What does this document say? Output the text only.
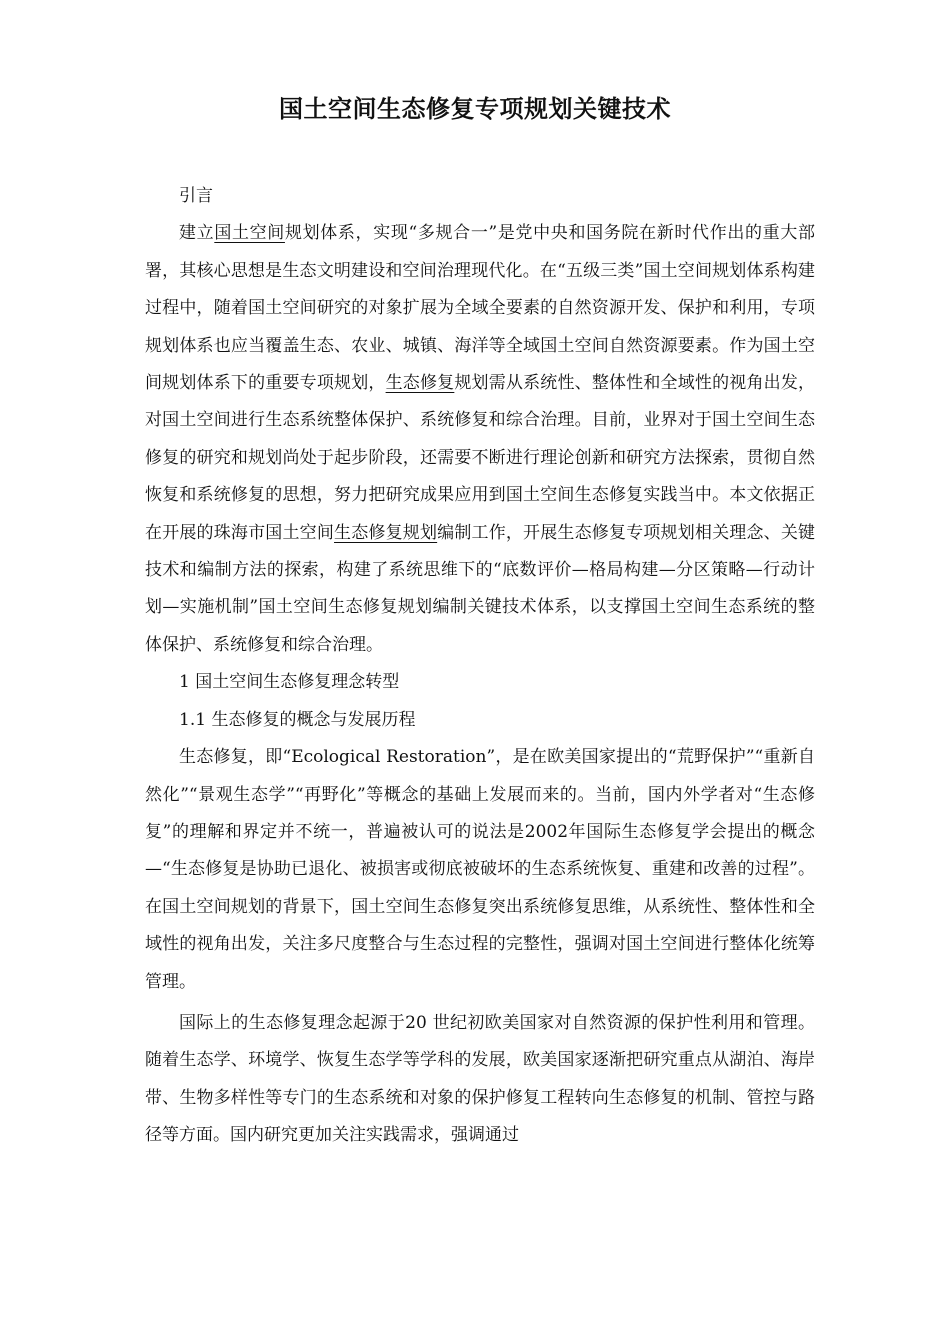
国土空间生态修复专项规划关键技术

引言

建立国土空间规划体系，实现“多规合一”是党中央和国务院在新时代作出的重大部署，其核心思想是生态文明建设和空间治理现代化。在“五级三类”国土空间规划体系构建过程中，随着国土空间研究的对象扩展为全域全要素的自然资源开发、保护和利用，专项规划体系也应当覆盖生态、农业、城镇、海洋等全域国土空间自然资源要素。作为国土空间规划体系下的重要专项规划，生态修复规划需从系统性、整体性和全域性的视角出发，对国土空间进行生态系统整体保护、系统修复和综合治理。目前，业界对于国土空间生态修复的研究和规划尚处于起步阶段，还需要不断进行理论创新和研究方法探索，贯彻自然恢复和系统修复的思想，努力把研究成果应用到国土空间生态修复实践当中。本文依据正在开展的珠海市国土空间生态修复规划编制工作，开展生态修复专项规划相关理念、关键技术和编制方法的探索，构建了系统思维下的“底数评价—格局构建—分区策略—行动计划—实施机制”国土空间生态修复规划编制关键技术体系，以支撑国土空间生态系统的整体保护、系统修复和综合治理。

1 国土空间生态修复理念转型

1.1 生态修复的概念与发展历程

生态修复，即“Ecological Restoration”，是在欧美国家提出的“荒野保护”“重新自然化”“景观生态学”“再野化”等概念的基础上发展而来的。当前，国内外学者对“生态修复”的理解和界定并不统一，普遍被认可的说法是2002年国际生态修复学会提出的概念—“生态修复是协助已退化、被损害或彻底被破坏的生态系统恢复、重建和改善的过程”。在国土空间规划的背景下，国土空间生态修复突出系统修复思维，从系统性、整体性和全域性的视角出发，关注多尺度整合与生态过程的完整性，强调对国土空间进行整体化统筹管理。

国际上的生态修复理念起源于20 世纪初欧美国家对自然资源的保护性利用和管理。随着生态学、环境学、恢复生态学等学科的发展，欧美国家逐渐把研究重点从湖泊、海岸带、生物多样性等专门的生态系统和对象的保护修复工程转向生态修复的机制、管控与路径等方面。国内研究更加关注实践需求，强调通过
